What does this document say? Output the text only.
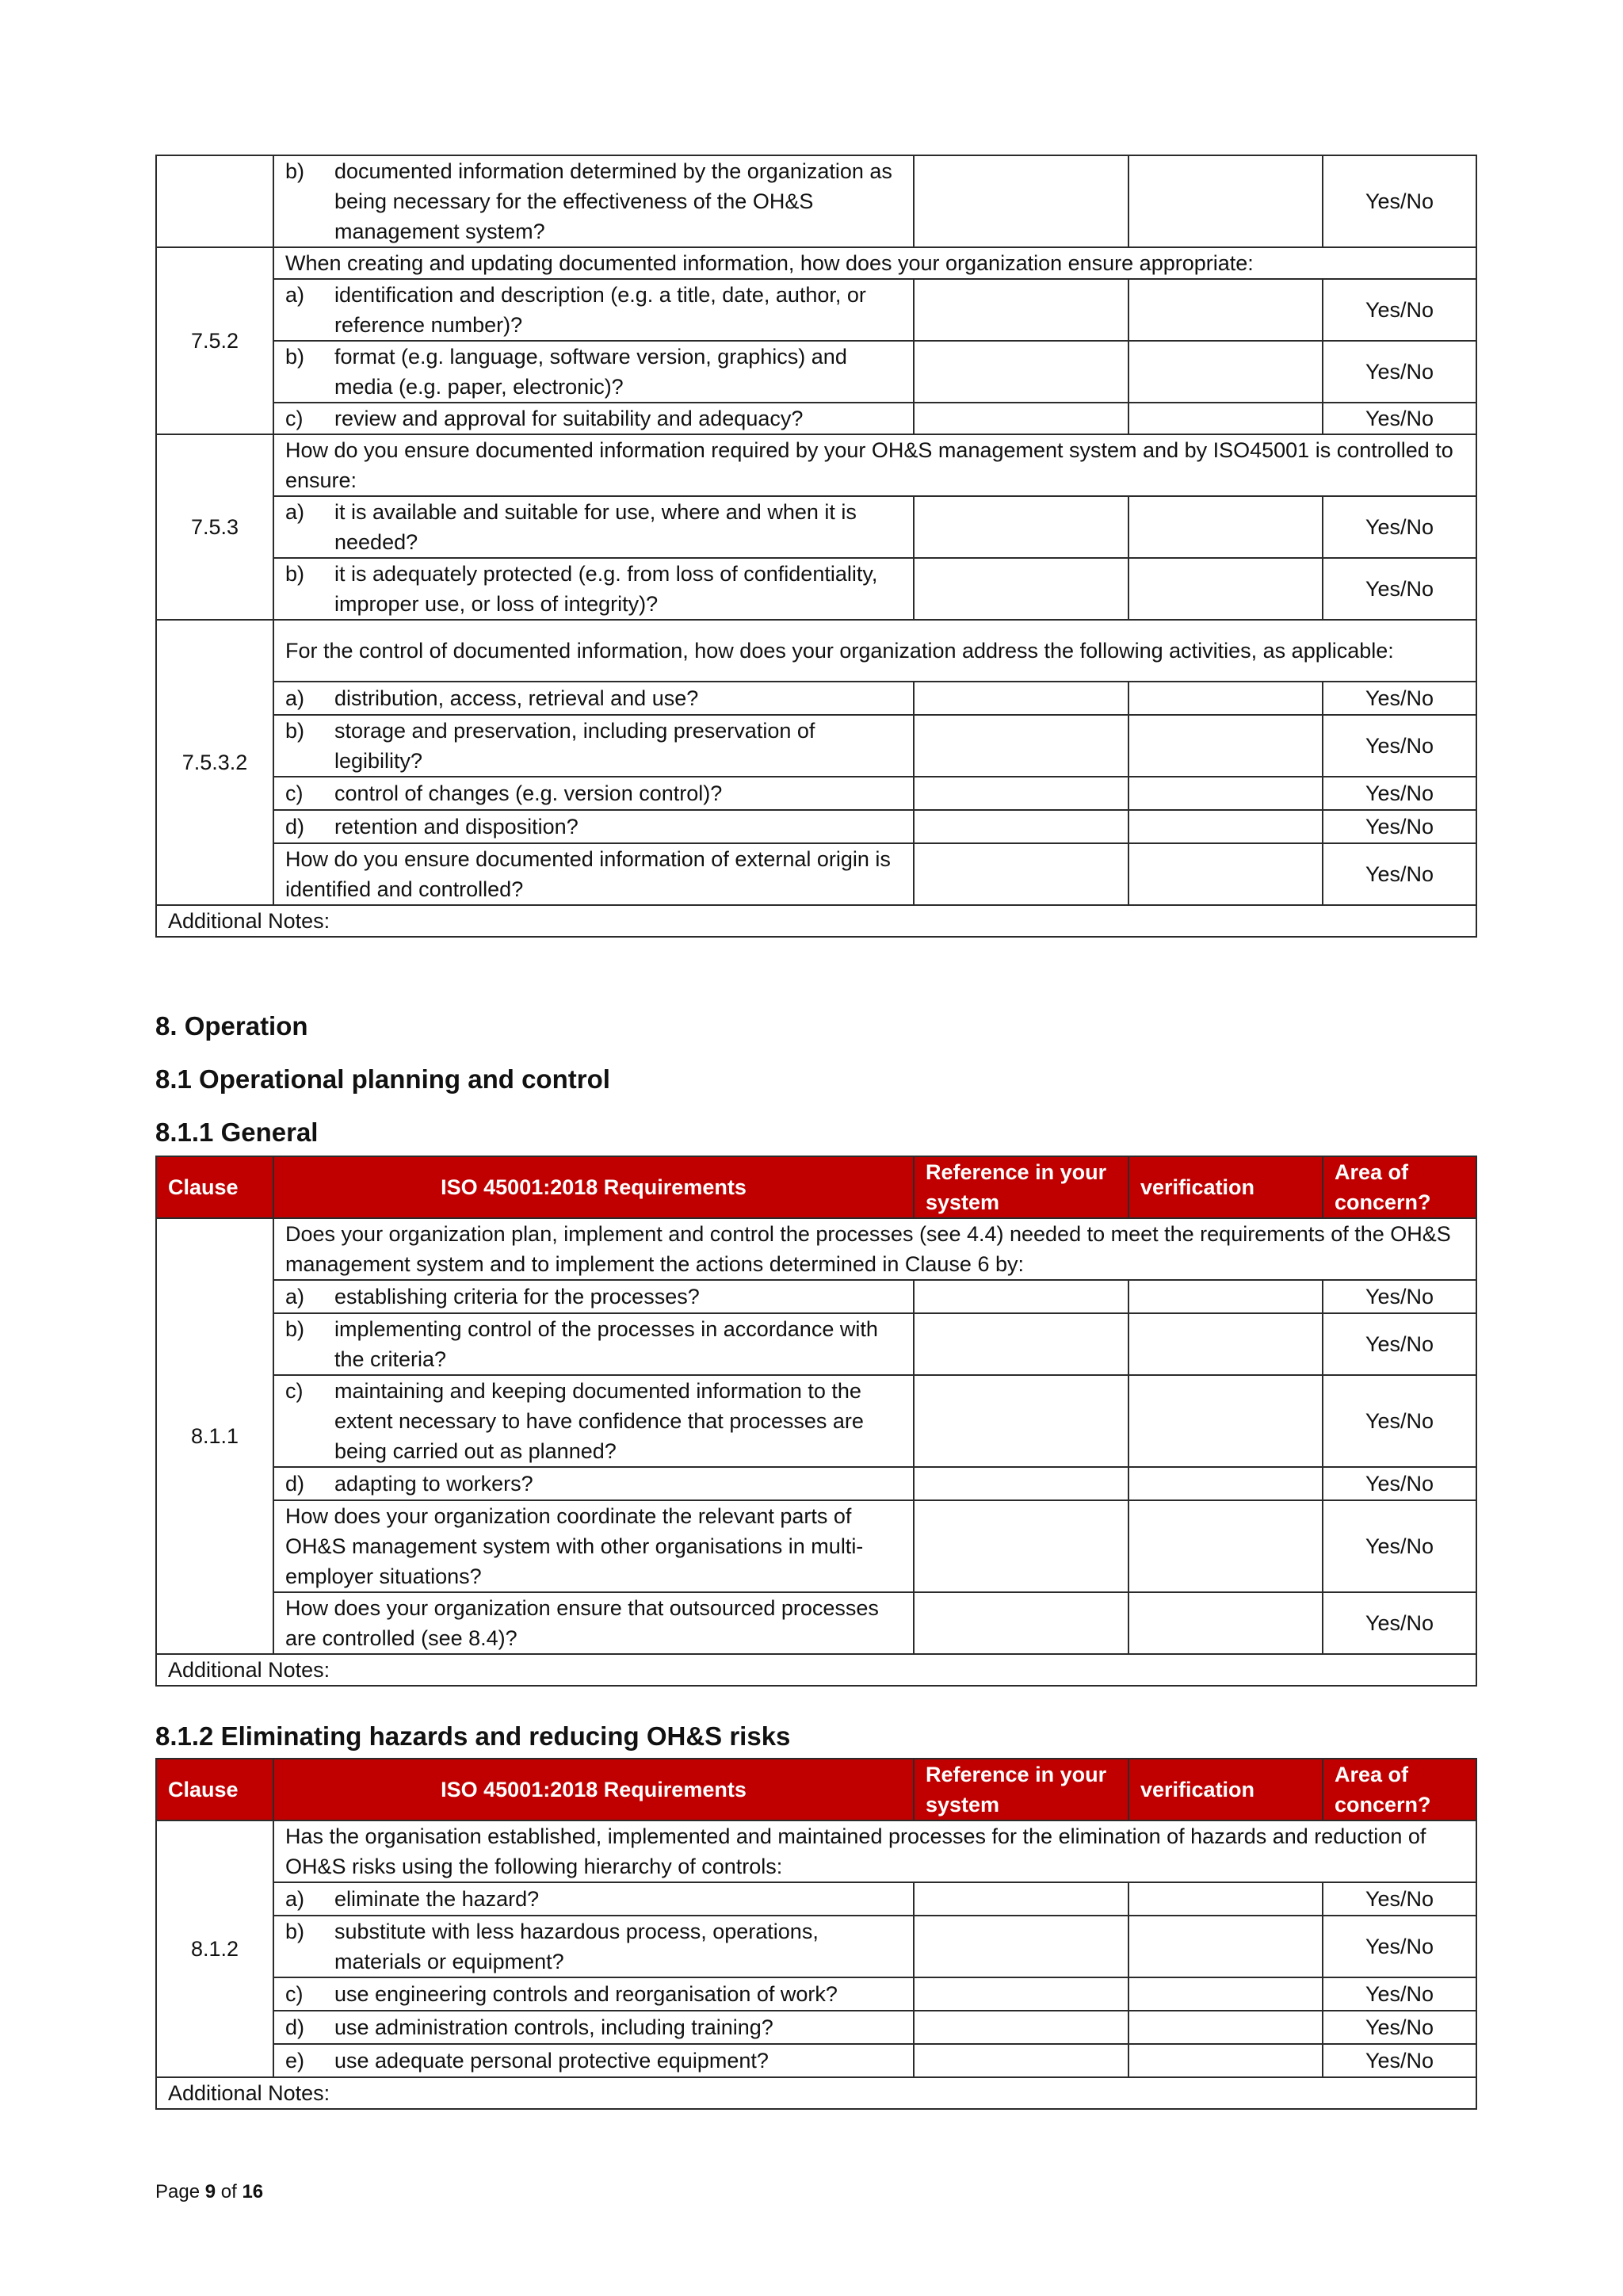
	b) documented information determined by the organization as being necessary for the effectiveness of the OH&S management system?			Yes/No
7.5.2	When creating and updating documented information, how does your organization ensure appropriate:			

	a) identification and description (e.g. a title, date, author, or reference number)?			Yes/No

	b) format (e.g. language, software version, graphics) and media (e.g. paper, electronic)?			Yes/No

	c) review and approval for suitability and adequacy?			Yes/No
7.5.3	How do you ensure documented information required by your OH&S management system and by ISO45001 is controlled to ensure:			

	a) it is available and suitable for use, where and when it is needed?			Yes/No

	b) it is adequately protected (e.g. from loss of confidentiality, improper use, or loss of integrity)?			Yes/No
7.5.3.2	For the control of documented information, how does your organization address the following activities, as applicable:			

	a) distribution, access, retrieval and use?			Yes/No

	b) storage and preservation, including preservation of legibility?			Yes/No

	c) control of changes (e.g. version control)?			Yes/No

	d) retention and disposition?			Yes/No
	How do you ensure documented information of external origin is identified and controlled?			Yes/No
Additional Notes:				
8. Operation
8.1 Operational planning and control
8.1.1 General
Clause	ISO 45001:2018 Requirements	Reference in your system	verification	Area of concern?
8.1.1	Does your organization plan, implement and control the processes (see 4.4) needed to meet the requirements of the OH&S management system and to implement the actions determined in Clause 6 by:			

	a) establishing criteria for the processes?			Yes/No

	b) implementing control of the processes in accordance with the criteria?			Yes/No

	c) maintaining and keeping documented information to the extent necessary to have confidence that processes are being carried out as planned?			Yes/No

	d) adapting to workers?			Yes/No
	How does your organization coordinate the relevant parts of OH&S management system with other organisations in multi-employer situations?			Yes/No
	How does your organization ensure that outsourced processes are controlled (see 8.4)?			Yes/No
Additional Notes:				
8.1.2 Eliminating hazards and reducing OH&S risks
Clause	ISO 45001:2018 Requirements	Reference in your system	verification	Area of concern?
8.1.2	Has the organisation established, implemented and maintained processes for the elimination of hazards and reduction of OH&S risks using the following hierarchy of controls:			

	a) eliminate the hazard?			Yes/No

	b) substitute with less hazardous process, operations, materials or equipment?			Yes/No

	c) use engineering controls and reorganisation of work?			Yes/No

	d) use administration controls, including training?			Yes/No

	e) use adequate personal protective equipment?			Yes/No
Additional Notes:				
Page 9 of 16
